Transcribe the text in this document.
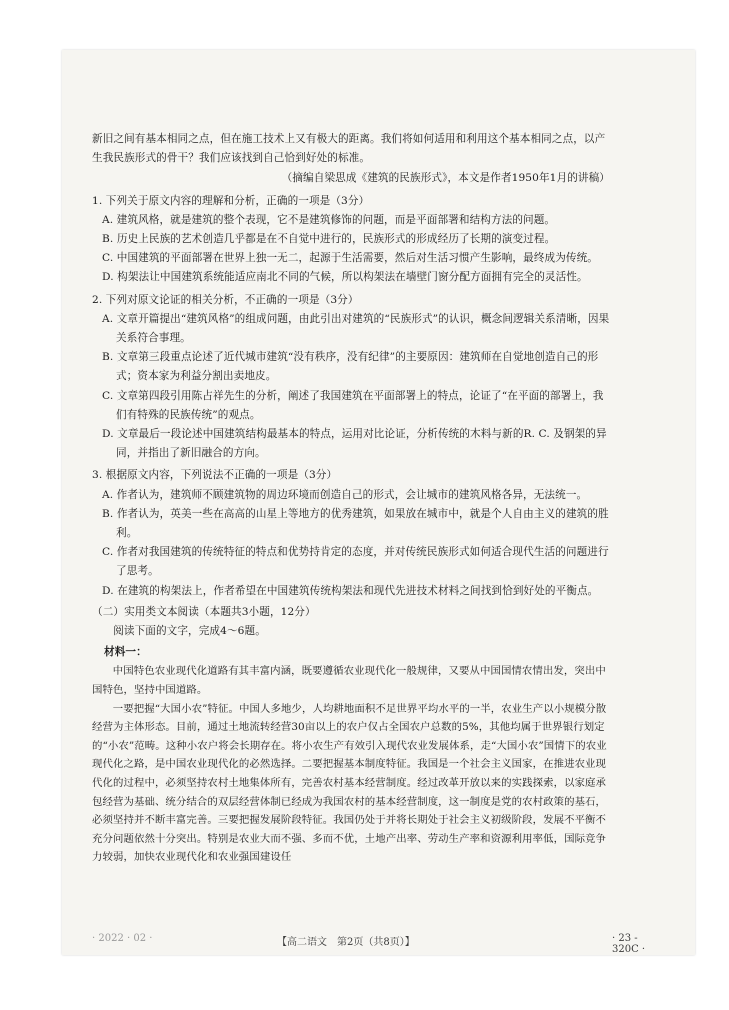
新旧之间有基本相同之点，但在施工技术上又有极大的距离。我们将如何适用和利用这个基本相同之点，以产生我民族形式的骨干？我们应该找到自己恰到好处的标准。

（摘编自梁思成《建筑的民族形式》，本文是作者1950年1月的讲稿）

1. 下列关于原文内容的理解和分析，正确的一项是（3分）

A. 建筑风格，就是建筑的整个表现，它不是建筑修饰的问题，而是平面部署和结构方法的问题。

B. 历史上民族的艺术创造几乎都是在不自觉中进行的，民族形式的形成经历了长期的演变过程。

C. 中国建筑的平面部署在世界上独一无二，起源于生活需要，然后对生活习惯产生影响，最终成为传统。

D. 构架法让中国建筑系统能适应南北不同的气候，所以构架法在墙壁门窗分配方面拥有完全的灵活性。

2. 下列对原文论证的相关分析，不正确的一项是（3分）

A. 文章开篇提出“建筑风格”的组成问题，由此引出对建筑的“民族形式”的认识，概念间逻辑关系清晰，因果关系符合事理。

B. 文章第三段重点论述了近代城市建筑“没有秩序，没有纪律”的主要原因：建筑师在自觉地创造自己的形式；资本家为利益分割出卖地皮。

C. 文章第四段引用陈占祥先生的分析，阐述了我国建筑在平面部署上的特点，论证了“在平面的部署上，我们有特殊的民族传统”的观点。

D. 文章最后一段论述中国建筑结构最基本的特点，运用对比论证，分析传统的木料与新的R. C. 及钢架的异同，并指出了新旧融合的方向。

3. 根据原文内容，下列说法不正确的一项是（3分）

A. 作者认为，建筑师不顾建筑物的周边环境而创造自己的形式，会让城市的建筑风格各异，无法统一。

B. 作者认为，英美一些在高高的山星上等地方的优秀建筑，如果放在城市中，就是个人自由主义的建筑的胜利。

C. 作者对我国建筑的传统特征的特点和优势持肯定的态度，并对传统民族形式如何适合现代生活的问题进行了思考。

D. 在建筑的构架法上，作者希望在中国建筑传统构架法和现代先进技术材料之间找到恰到好处的平衡点。

（二）实用类文本阅读（本题共3小题，12分）

阅读下面的文字，完成4～6题。

材料一：

中国特色农业现代化道路有其丰富内涵，既要遵循农业现代化一般规律，又要从中国国情农情出发，突出中国特色，坚持中国道路。

一要把握“大国小农”特征。中国人多地少，人均耕地面积不足世界平均水平的一半，农业生产以小规模分散经营为主体形态。目前，通过土地流转经营30亩以上的农户仅占全国农户总数的5%，其他均属于世界银行划定的“小农”范畴。这种小农户将会长期存在。将小农生产有效引入现代农业发展体系，走“大国小农”国情下的农业现代化之路，是中国农业现代化的必然选择。二要把握基本制度特征。我国是一个社会主义国家，在推进农业现代化的过程中，必须坚持农村土地集体所有，完善农村基本经营制度。经过改革开放以来的实践探索，以家庭承包经营为基础、统分结合的双层经营体制已经成为我国农村的基本经营制度，这一制度是党的农村政策的基石，必须坚持并不断丰富完善。三要把握发展阶段特征。我国仍处于并将长期处于社会主义初级阶段，发展不平衡不充分问题依然十分突出。特别是农业大而不强、多而不优，土地产出率、劳动生产率和资源利用率低，国际竞争力较弱，加快农业现代化和农业强国建设任

· 2022 · 02 ·	【高二语文　第2页（共8页）】	· 23 - 320C ·
